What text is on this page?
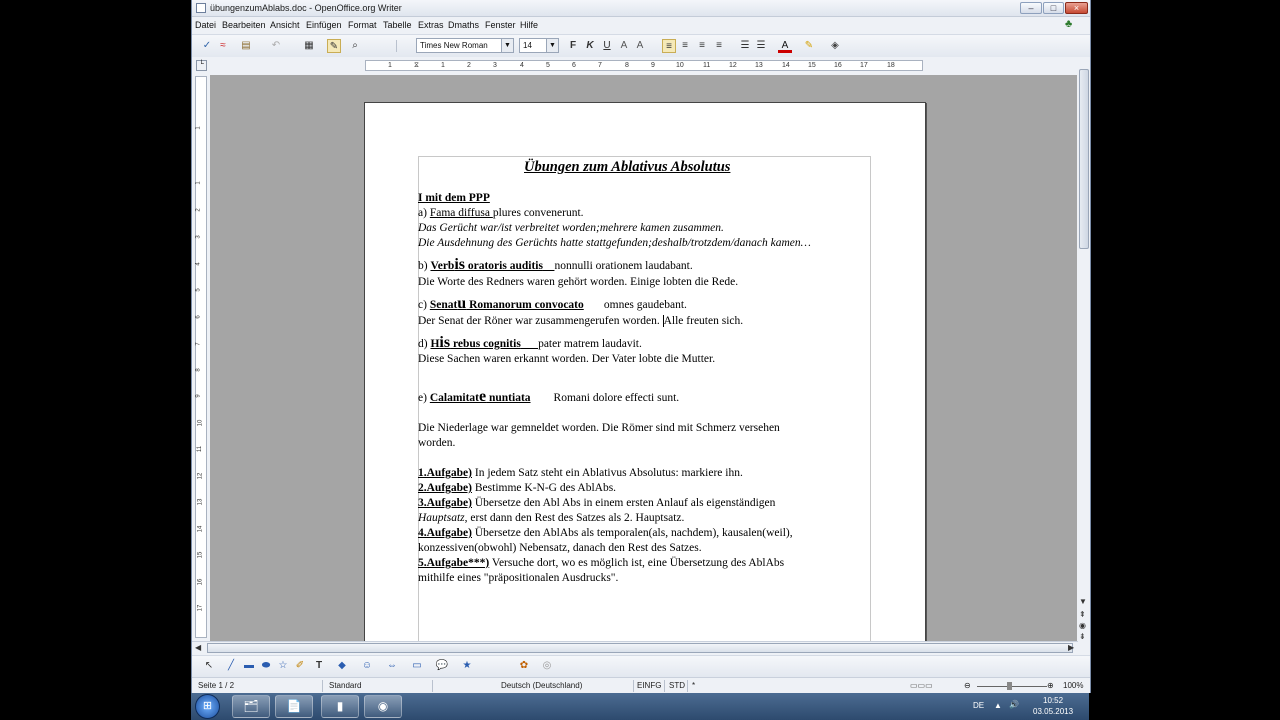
übungenzumAblabs.doc - OpenOffice.org Writer	–	□	×
Datei Bearbeiten Ansicht Einfügen Format Tabelle Extras Dmaths Fenster Hilfe	♣
✓ ≈	▤ ↶ ▦ ✎	⌕	Times New Roman	▼	14	▼	F	K U	A A	≡	≡	≡	≡	☰ ☰	A	✎	◈
└	1	⧖	1	2	3	4	5	6	7	8	9	10	11	12	13	14	15	16	17	18
1
1
2
3
4
5
6
7
8
9
10
11
12
13
14
15
16
17
Übungen zum Ablativus Absolutus
I mit dem PPP
a) Fama diffusa plures convenerunt.
Das Gerücht war/ist verbreitet worden;mehrere kamen zusammen.
Die Ausdehnung des Gerüchts hatte stattgefunden;deshalb/trotzdem/danach kamen…
b) Verbis oratoris auditis nonnulli orationem laudabant.
Die Worte des Redners waren gehört worden. Einige lobten die Rede.
c) Senatu Romanorum convocato omnes gaudebant.
Der Senat der Röner war zusammengerufen worden. Alle freuten sich.
d) His rebus cognitis pater matrem laudavit.
Diese Sachen waren erkannt worden. Der Vater lobte die Mutter.
e) Calamitate nuntiata Romani dolore effecti sunt.
Die Niederlage war gemneldet worden. Die Römer sind mit Schmerz versehen
worden.
1.Aufgabe) In jedem Satz steht ein Ablativus Absolutus: markiere ihn.
2.Aufgabe) Bestimme K-N-G des AblAbs.
3.Aufgabe) Übersetze den Abl Abs in einem ersten Anlauf als eigenständigen
Hauptsatz, erst dann den Rest des Satzes als 2. Hauptsatz.
4.Aufgabe) Übersetze den AblAbs als temporalen(als, nachdem), kausalen(weil),
konzessiven(obwohl) Nebensatz, danach den Rest des Satzes.
5.Aufgabe***) Versuche dort, wo es möglich ist, eine Übersetzung des AblAbs
mithilfe eines "präpositionalen Ausdrucks".
▼
⇞
◉
⇟
◀	▶
↖	╱ ▬ ⬬ ☆ ✐	T	◆	☺ ⇔ ▭ 💬 ★	✿ ◎
Seite 1 / 2	Standard	Deutsch (Deutschland)	EINFG STD *	▭▭▭	⊖	⊕ 100%
⊞	🗂	📄	▮	◉	DE ▲ 🔊	10:52
03.05.2013
